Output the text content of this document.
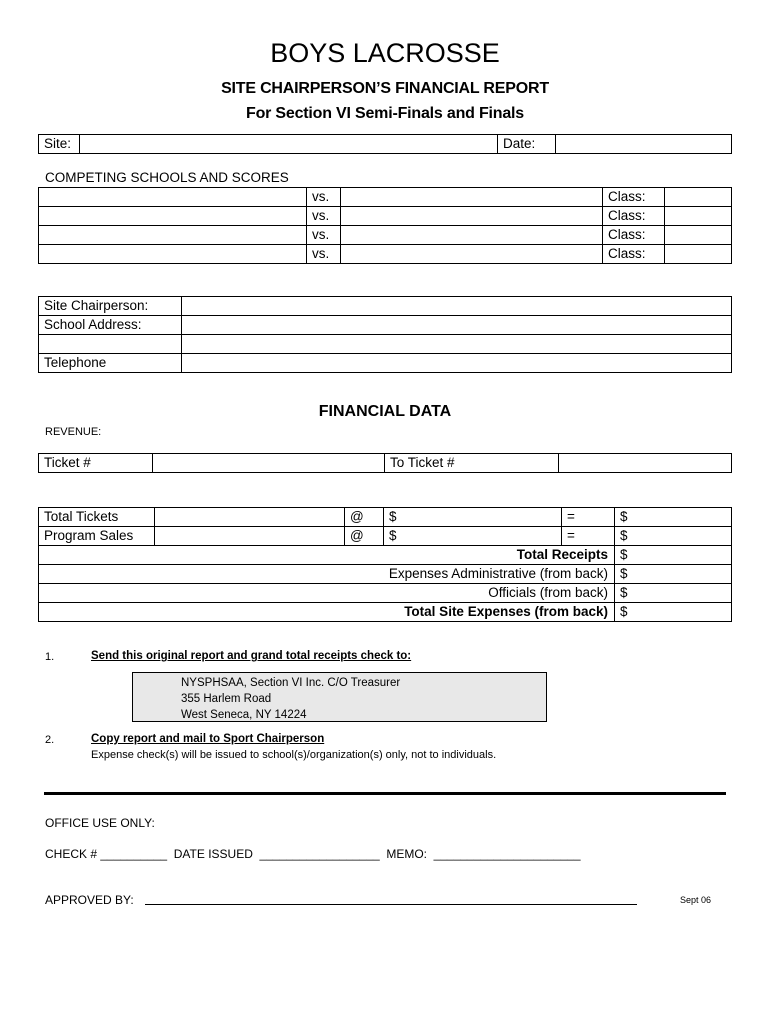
BOYS LACROSSE
SITE CHAIRPERSON’S FINANCIAL REPORT
For Section VI Semi-Finals and Finals
Site:		Date:	
COMPETING SCHOOLS AND SCORES
	vs.		Class:	
	vs.		Class:	
	vs.		Class:	
	vs.		Class:	
Site Chairperson:	
School Address:	

Telephone	
FINANCIAL DATA
REVENUE:
Ticket #		To Ticket #	
Total Tickets		@	$	=	$
Program Sales		@	$	=	$
Total Receipts					$
Expenses Administrative (from back)					$
Officials (from back)					$
Total Site Expenses (from back)					$
1.	Send this original report and grand total receipts check to:
NYSPHSAA, Section VI Inc. C/O Treasurer
355 Harlem Road
West Seneca, NY 14224
2.	Copy report and mail to Sport Chairperson
Expense check(s) will be issued to school(s)/organization(s) only, not to individuals.
OFFICE USE ONLY:
CHECK # __________  DATE ISSUED  __________________  MEMO:  ______________________
APPROVED BY:	Sept 06
